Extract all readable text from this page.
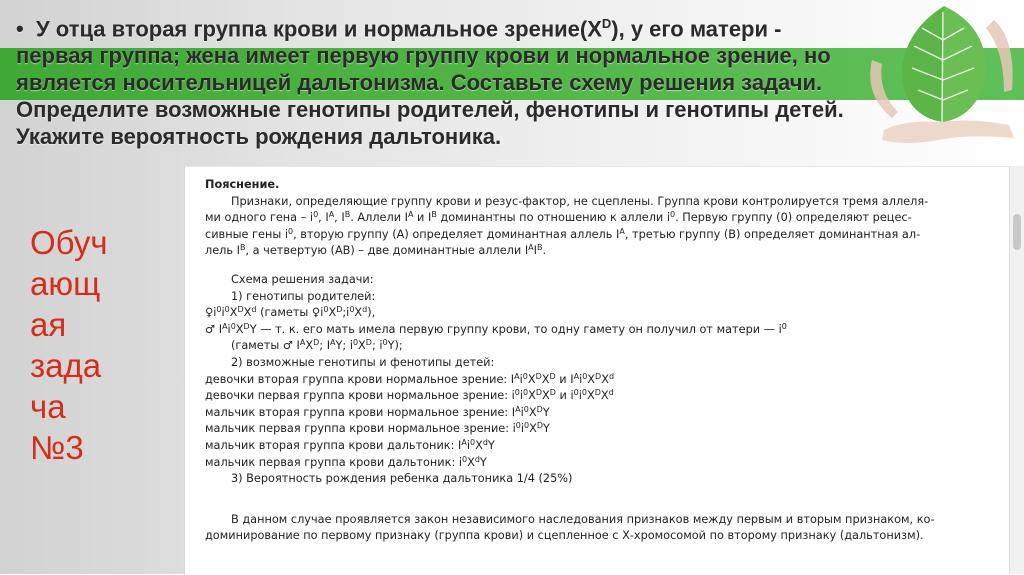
• У отца вторая группа крови и нормальное $зрение(X^D)$, у его матери - первая группа; жена имеет первую группу крови и нормальное зрение, но является носительницей дальтонизма. Составьте схему решения задачи. Определите возможные генотипы родителей, фенотипы и генотипы детей. Укажите вероятность рождения дальтоника.
Обуч
ающ
ая
зада
ча
№3
Пояснение.
Признаки, определяющие группу крови и резус-фактор, не сцеплены. Группа крови контролируется тремя аллеля-
ми одного гена – $i^0$, $I^A$, $I^B$. Аллели $I^A$ и $I^B$ доминантны по отношению к аллели $i^0$. Первую группу (0) определяют рецес-
сивные гены $i^0$, вторую группу (А) определяет доминантная аллель $I^A$, третью группу (В) определяет доминантная ал-
лель $I^B$, а четвертую (АВ) – две доминантные аллели $I^AI^B$.
Схема решения задачи:
1) генотипы родителей:
$♀i^0i^0X^DX^d$ (гаметы $♀i^0X^D;i^0X^d$),
♂ $I^Ai^0X^DY$ — т. к. его мать имела первую группу крови, то одну гамету он получил от матери — $i^0$
(гаметы ♂ $I^AX^D$; $I^AY$; $i^0X^D$; $i^0Y$);
2) возможные генотипы и фенотипы детей:
девочки вторая группа крови нормальное зрение: $I^Ai^0X^DX^D$ и $I^Ai^0X^DX^d$
девочки первая группа крови нормальное зрение: $i^0i^0X^DX^D$ и $i^0i^0X^DX^d$
мальчик вторая группа крови нормальное зрение: $I^Ai^0X^DY$
мальчик первая группа крови нормальное зрение: $i^0i^0X^DY$
мальчик вторая группа крови дальтоник: $I^Ai^0X^dY$
мальчик первая группа крови дальтоник: $i^0X^dY$
3) Вероятность рождения ребенка дальтоника 1/4 (25%)
В данном случае проявляется закон независимого наследования признаков между первым и вторым признаком, ко-
доминирование по первому признаку (группа крови) и сцепленное с Х-хромосомой по второму признаку (дальтонизм).
